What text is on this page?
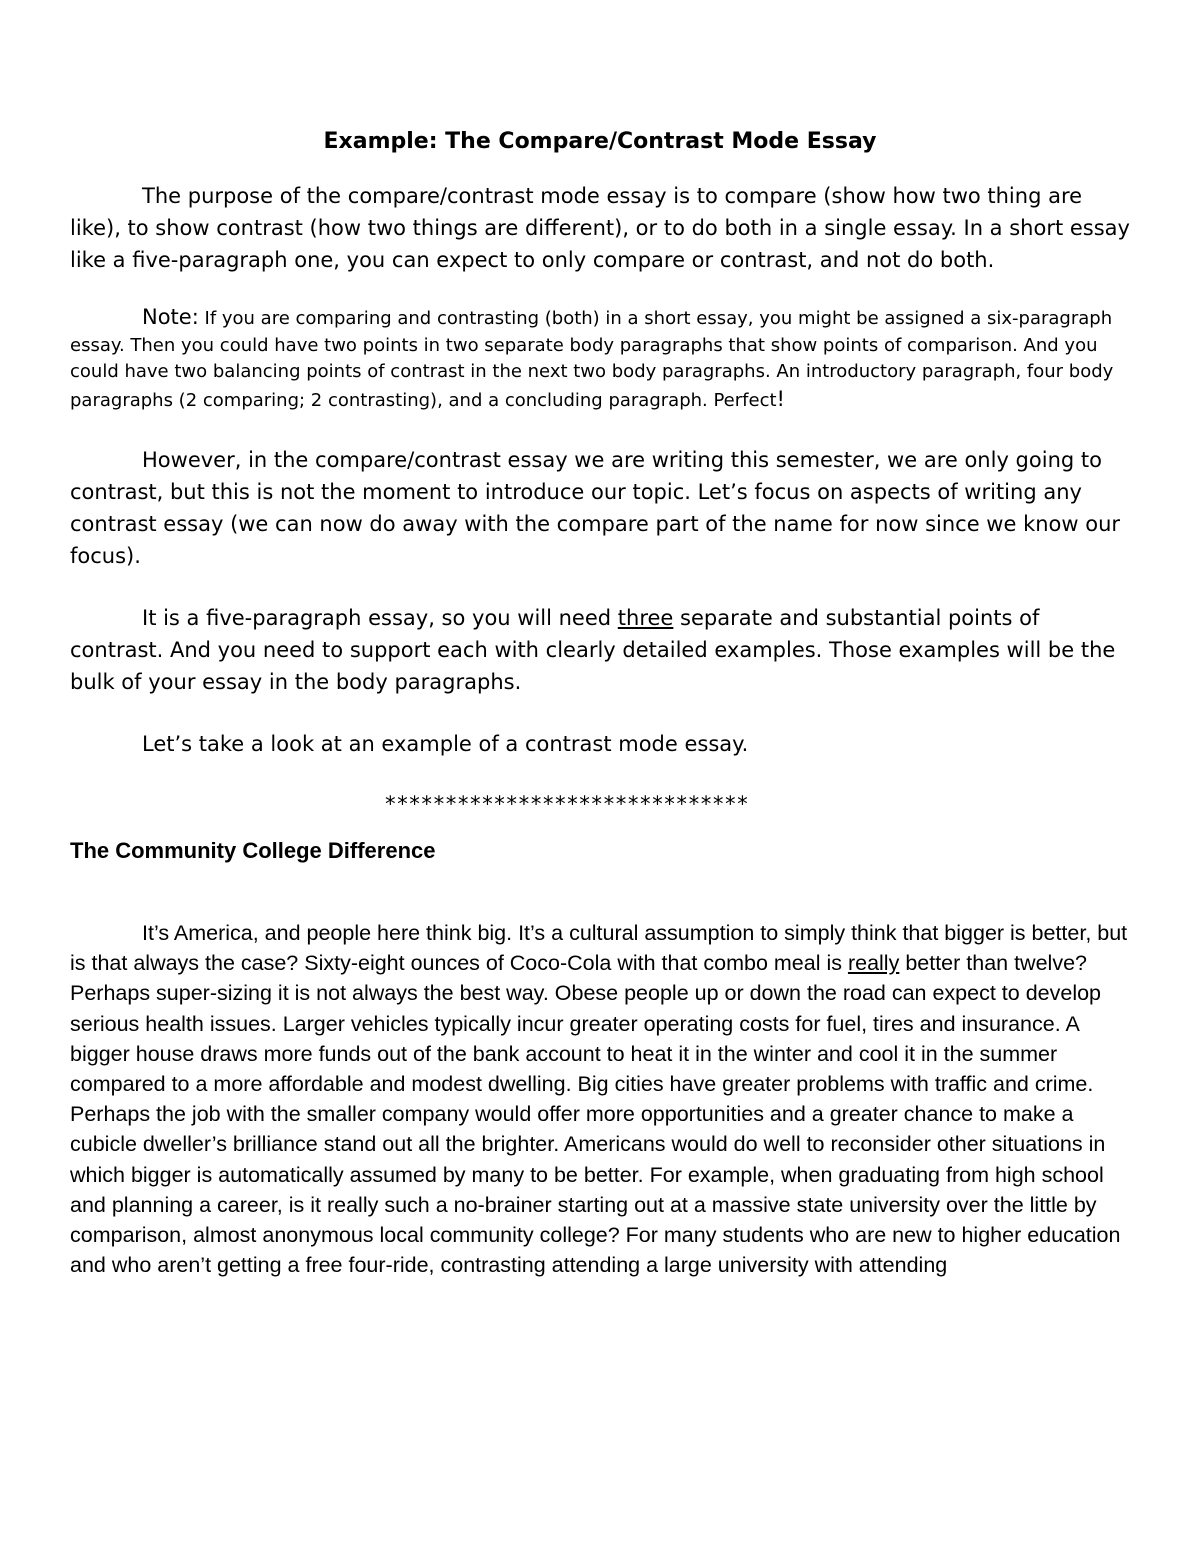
Example: The Compare/Contrast Mode Essay

The purpose of the compare/contrast mode essay is to compare (show how two thing are like), to show contrast (how two things are different), or to do both in a single essay. In a short essay like a five-paragraph one, you can expect to only compare or contrast, and not do both.

Note: If you are comparing and contrasting (both) in a short essay, you might be assigned a six-paragraph essay. Then you could have two points in two separate body paragraphs that show points of comparison. And you could have two balancing points of contrast in the next two body paragraphs. An introductory paragraph, four body paragraphs (2 comparing; 2 contrasting), and a concluding paragraph. Perfect!

However, in the compare/contrast essay we are writing this semester, we are only going to contrast, but this is not the moment to introduce our topic. Let’s focus on aspects of writing any contrast essay (we can now do away with the compare part of the name for now since we know our focus).

It is a five-paragraph essay, so you will need three separate and substantial points of contrast. And you need to support each with clearly detailed examples. Those examples will be the bulk of your essay in the body paragraphs.

Let’s take a look at an example of a contrast mode essay.

******************************
The Community College Difference

It’s America, and people here think big. It’s a cultural assumption to simply think that bigger is better, but is that always the case? Sixty-eight ounces of Coco-Cola with that combo meal is really better than twelve? Perhaps super-sizing it is not always the best way. Obese people up or down the road can expect to develop serious health issues. Larger vehicles typically incur greater operating costs for fuel, tires and insurance. A bigger house draws more funds out of the bank account to heat it in the winter and cool it in the summer compared to a more affordable and modest dwelling. Big cities have greater problems with traffic and crime. Perhaps the job with the smaller company would offer more opportunities and a greater chance to make a cubicle dweller’s brilliance stand out all the brighter. Americans would do well to reconsider other situations in which bigger is automatically assumed by many to be better. For example, when graduating from high school and planning a career, is it really such a no-brainer starting out at a massive state university over the little by comparison, almost anonymous local community college? For many students who are new to higher education and who aren’t getting a free four-ride, contrasting attending a large university with attending
